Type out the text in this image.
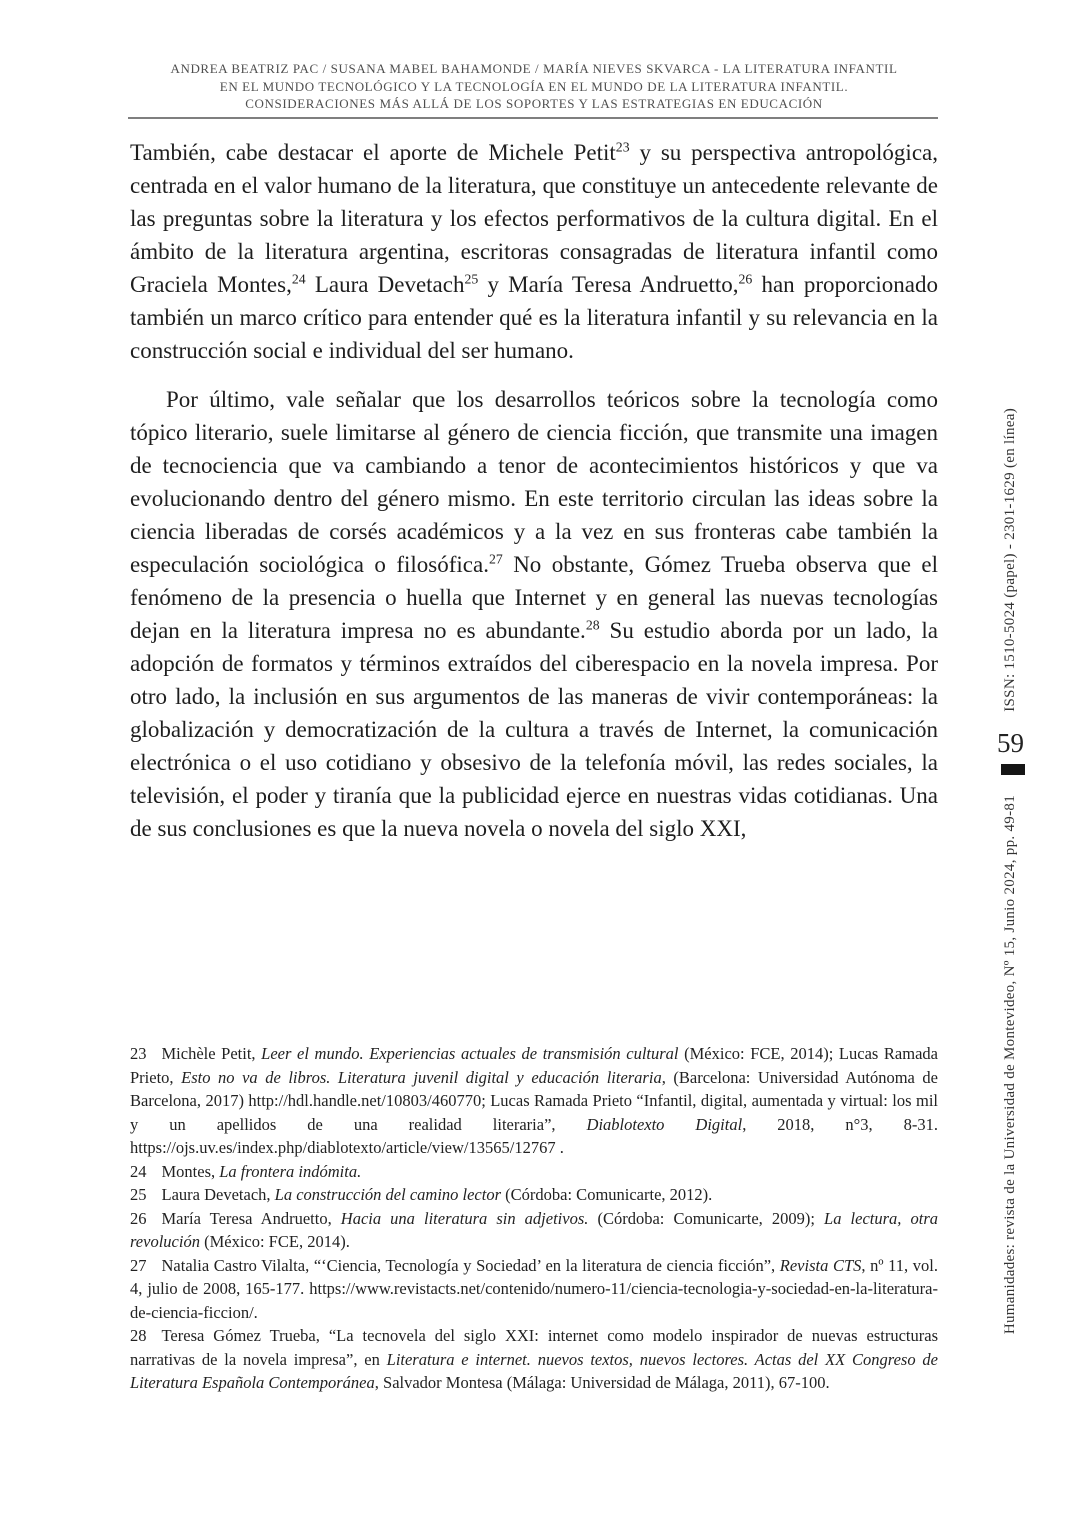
ANDREA BEATRIZ PAC / SUSANA MABEL BAHAMONDE / MARÍA NIEVES SKVARCA - LA LITERATURA INFANTIL
EN EL MUNDO TECNOLÓGICO Y LA TECNOLOGÍA EN EL MUNDO DE LA LITERATURA INFANTIL.
CONSIDERACIONES MÁS ALLÁ DE LOS SOPORTES Y LAS ESTRATEGIAS EN EDUCACIÓN

También, cabe destacar el aporte de Michele Petit$^{23}$ y su perspectiva antropológica, centrada en el valor humano de la literatura, que constituye un antecedente relevante de las preguntas sobre la literatura y los efectos performativos de la cultura digital. En el ámbito de la literatura argentina, escritoras consagradas de literatura infantil como Graciela Montes,$^{24}$ Laura Devetach$^{25}$ y María Teresa Andruetto,$^{26}$ han proporcionado también un marco crítico para entender qué es la literatura infantil y su relevancia en la construcción social e individual del ser humano.

Por último, vale señalar que los desarrollos teóricos sobre la tecnología como tópico literario, suele limitarse al género de ciencia ficción, que transmite una imagen de tecnociencia que va cambiando a tenor de acontecimientos históricos y que va evolucionando dentro del género mismo. En este territorio circulan las ideas sobre la ciencia liberadas de corsés académicos y a la vez en sus fronteras cabe también la especulación sociológica o filosófica.$^{27}$ No obstante, Gómez Trueba observa que el fenómeno de la presencia o huella que Internet y en general las nuevas tecnologías dejan en la literatura impresa no es abundante.$^{28}$ Su estudio aborda por un lado, la adopción de formatos y términos extraídos del ciberespacio en la novela impresa. Por otro lado, la inclusión en sus argumentos de las maneras de vivir contemporáneas: la globalización y democratización de la cultura a través de Internet, la comunicación electrónica o el uso cotidiano y obsesivo de la telefonía móvil, las redes sociales, la televisión, el poder y tiranía que la publicidad ejerce en nuestras vidas cotidianas. Una de sus conclusiones es que la nueva novela o novela del siglo XXI,

23 Michèle Petit, Leer el mundo. Experiencias actuales de transmisión cultural (México: FCE, 2014); Lucas Ramada Prieto, Esto no va de libros. Literatura juvenil digital y educación literaria, (Barcelona: Universidad Autónoma de Barcelona, 2017) http://hdl.handle.net/10803/460770; Lucas Ramada Prieto “Infantil, digital, aumentada y virtual: los mil y un apellidos de una realidad literaria”, Diablotexto Digital, 2018, n°3, 8-31. https://ojs.uv.es/index.php/diablotexto/article/view/13565/12767 .

24 Montes, La frontera indómita.

25 Laura Devetach, La construcción del camino lector (Córdoba: Comunicarte, 2012).

26 María Teresa Andruetto, Hacia una literatura sin adjetivos. (Córdoba: Comunicarte, 2009); La lectura, otra revolución (México: FCE, 2014).

27 Natalia Castro Vilalta, “‘Ciencia, Tecnología y Sociedad’ en la literatura de ciencia ficción”, Revista CTS, nº 11, vol. 4, julio de 2008, 165-177. https://www.revistacts.net/contenido/numero-11/ciencia-tecnologia-y-sociedad-en-la-literatura-de-ciencia-ficcion/.

28 Teresa Gómez Trueba, “La tecnovela del siglo XXI: internet como modelo inspirador de nuevas estructuras narrativas de la novela impresa”, en Literatura e internet. nuevos textos, nuevos lectores. Actas del XX Congreso de Literatura Española Contemporánea, Salvador Montesa (Málaga: Universidad de Málaga, 2011), 67-100.

ISSN: 1510-5024 (papel) - 2301-1629 (en línea)
59
Humanidades: revista de la Universidad de Montevideo, Nº 15, Junio 2024, pp. 49-81
